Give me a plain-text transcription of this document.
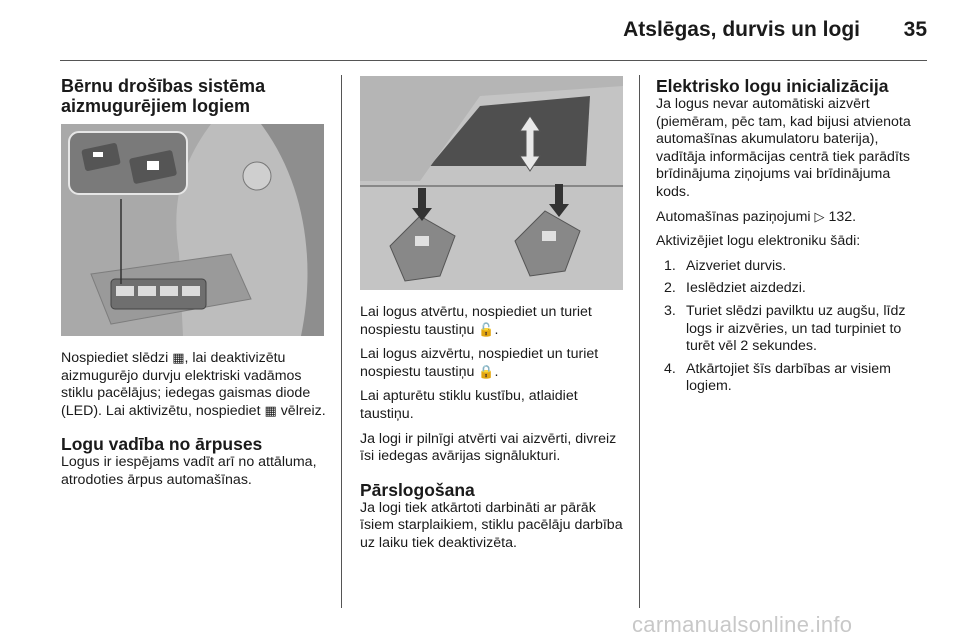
Atslēgas, durvis un logi	35
Bērnu drošības sistēma aizmugurējiem logiem

Nospiediet slēdzi ▦, lai deaktivizētu aizmugurējo durvju elektriski vadāmos stiklu pacēlājus; iedegas gaismas diode (LED). Lai aktivizētu, nospiediet ▦ vēlreiz.

Logu vadība no ārpuses

Logus ir iespējams vadīt arī no attāluma, atrodoties ārpus automašīnas.

Lai logus atvērtu, nospiediet un turiet nospiestu taustiņu 🔓.

Lai logus aizvērtu, nospiediet un turiet nospiestu taustiņu 🔒.

Lai apturētu stiklu kustību, atlaidiet taustiņu.

Ja logi ir pilnīgi atvērti vai aizvērti, divreiz īsi iedegas avārijas signālukturi.

Pārslogošana

Ja logi tiek atkārtoti darbināti ar pārāk īsiem starplaikiem, stiklu pacēlāju darbība uz laiku tiek deaktivizēta.

Elektrisko logu inicializācija

Ja logus nevar automātiski aizvērt (piemēram, pēc tam, kad bijusi atvienota automašīnas akumulatoru baterija), vadītāja informācijas centrā tiek parādīts brīdinājuma ziņojums vai brīdinājuma kods.

Automašīnas paziņojumi ▷ 132.

Aktivizējiet logu elektroniku šādi:

1. Aizveriet durvis.
2. Ieslēdziet aizdedzi.
3. Turiet slēdzi pavilktu uz augšu, līdz logs ir aizvēries, un tad turpiniet to turēt vēl 2 sekundes.
4. Atkārtojiet šīs darbības ar visiem logiem.
carmanualsonline.info
